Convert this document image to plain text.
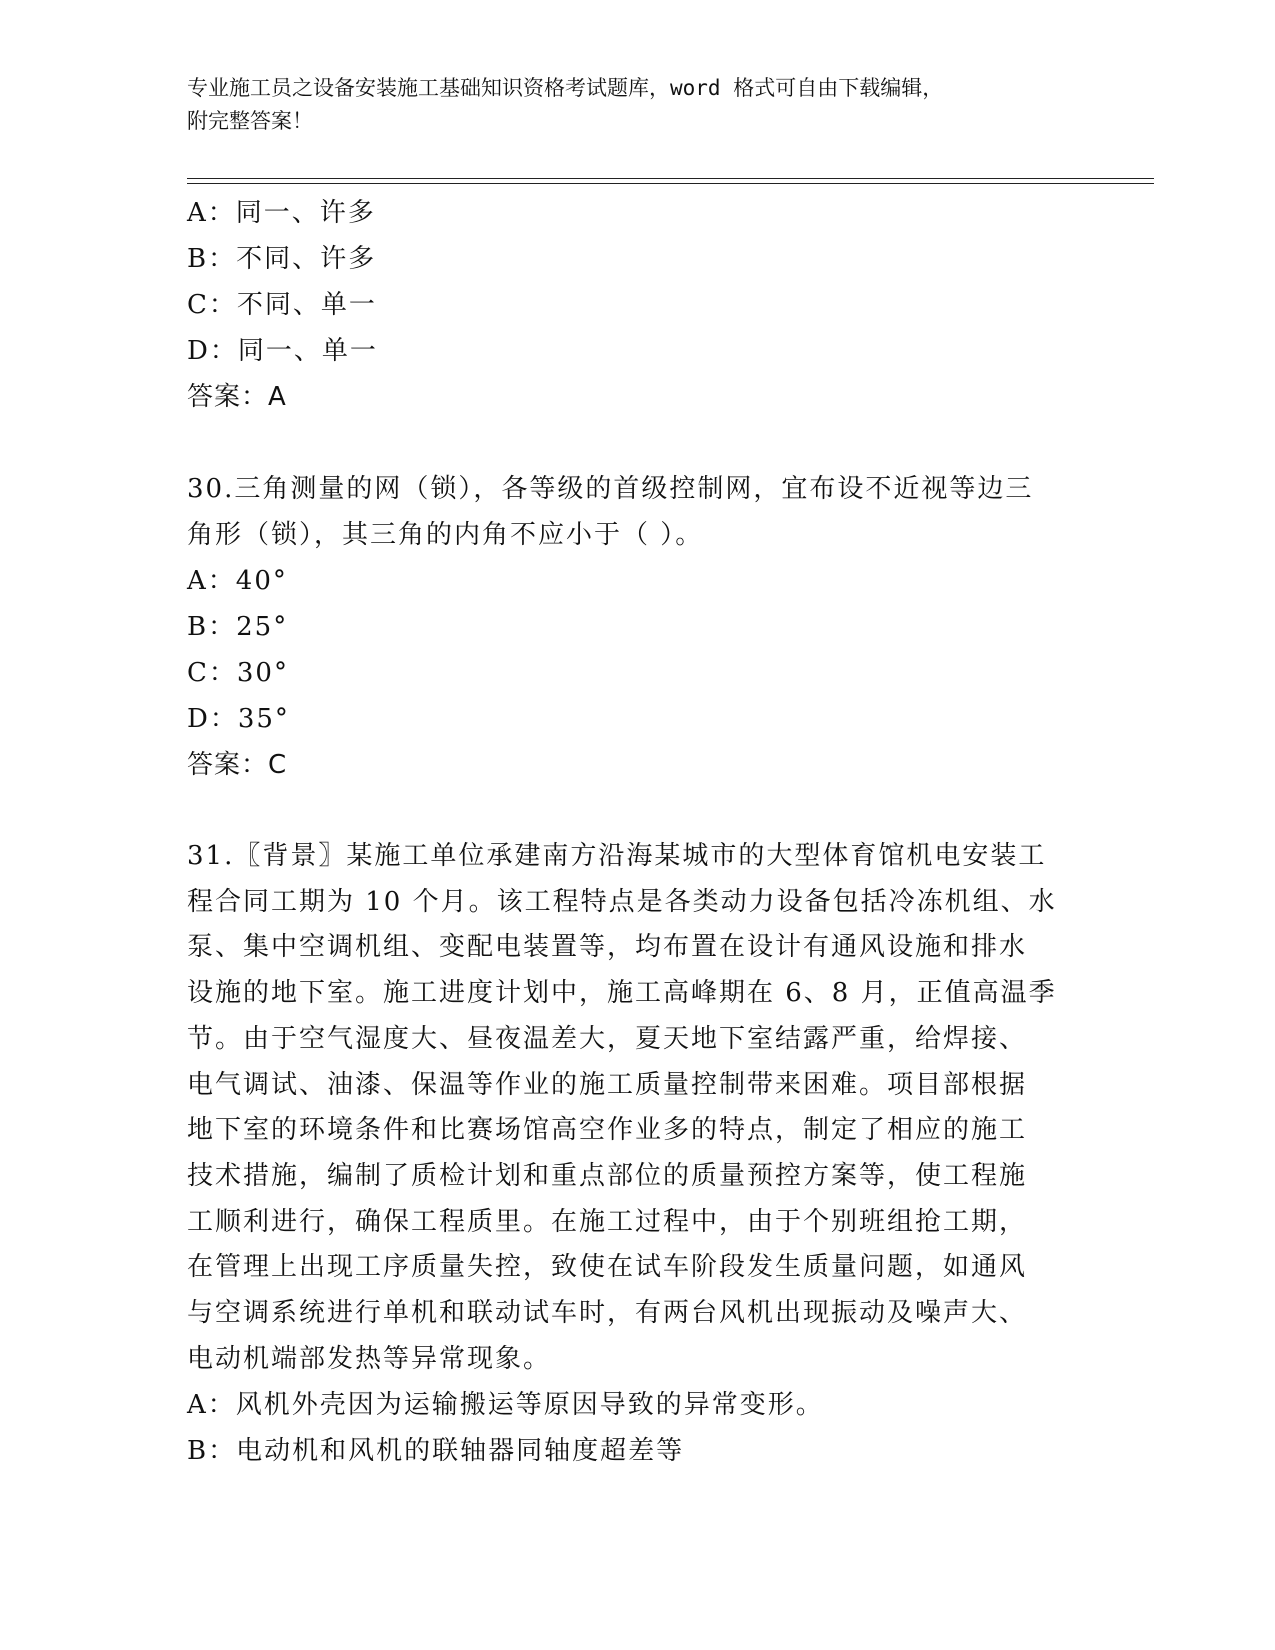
专业施工员之设备安装施工基础知识资格考试题库，word 格式可自由下载编辑，
附完整答案！
A：同一、许多
B：不同、许多
C：不同、单一
D：同一、单一
答案：A
30.三角测量的网（锁），各等级的首级控制网，宜布设不近视等边三
角形（锁），其三角的内角不应小于（ ）。
A：40°
B：25°
C：30°
D：35°
答案：C
31.〖背景〗某施工单位承建南方沿海某城市的大型体育馆机电安装工
程合同工期为 10 个月。该工程特点是各类动力设备包括冷冻机组、水
泵、集中空调机组、变配电装置等，均布置在设计有通风设施和排水
设施的地下室。施工进度计划中，施工高峰期在 6、8 月，正值高温季
节。由于空气湿度大、昼夜温差大，夏天地下室结露严重，给焊接、
电气调试、油漆、保温等作业的施工质量控制带来困难。项目部根据
地下室的环境条件和比赛场馆高空作业多的特点，制定了相应的施工
技术措施，编制了质检计划和重点部位的质量预控方案等，使工程施
工顺利进行，确保工程质里。在施工过程中，由于个别班组抢工期，
在管理上出现工序质量失控，致使在试车阶段发生质量问题，如通风
与空调系统进行单机和联动试车时，有两台风机出现振动及噪声大、
电动机端部发热等异常现象。
A：风机外壳因为运输搬运等原因导致的异常变形。
B：电动机和风机的联轴器同轴度超差等
